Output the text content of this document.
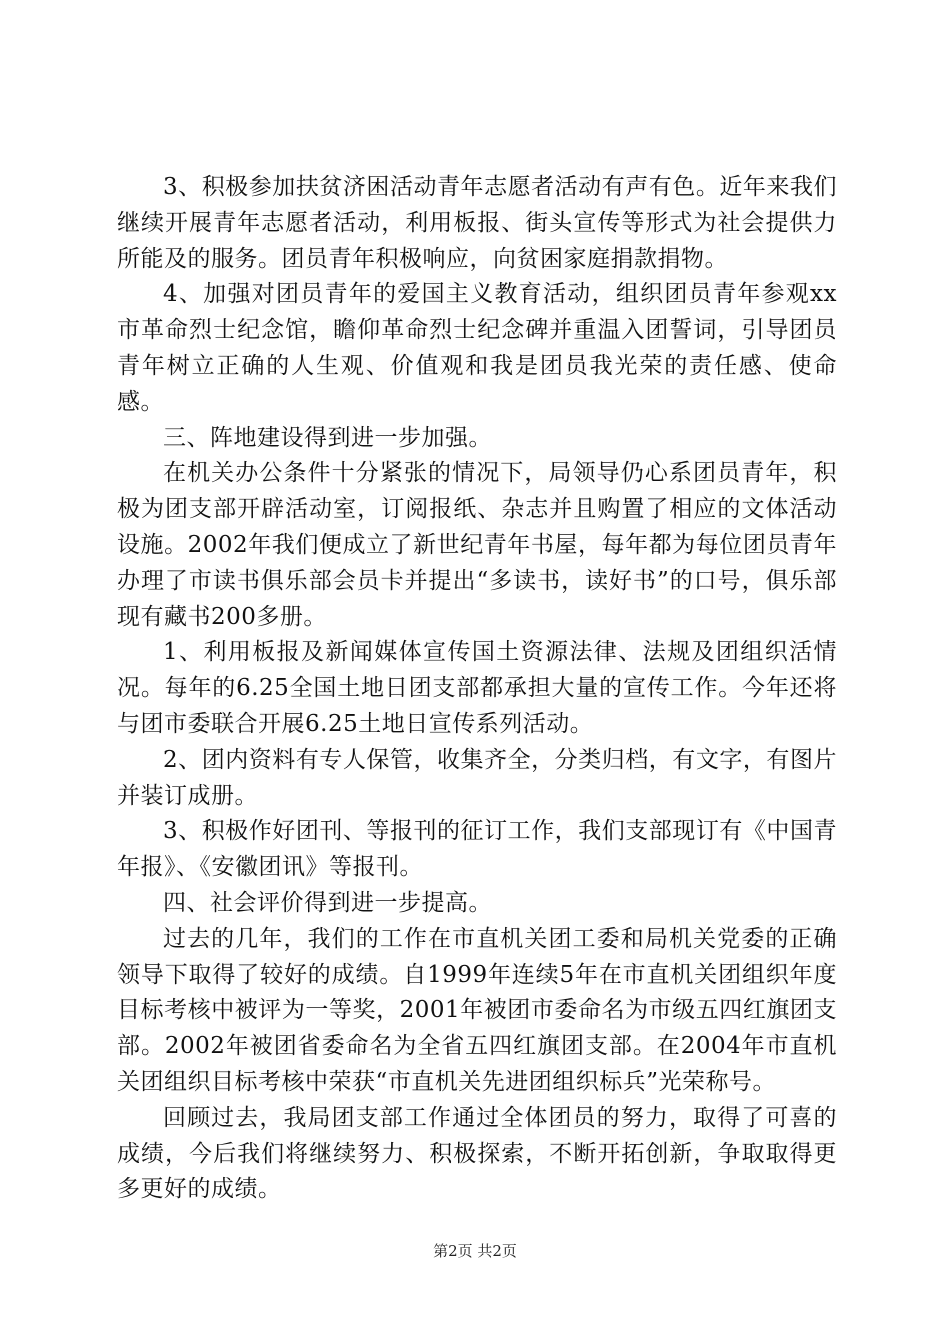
3、积极参加扶贫济困活动青年志愿者活动有声有色。近年来我们继续开展青年志愿者活动，利用板报、街头宣传等形式为社会提供力所能及的服务。团员青年积极响应，向贫困家庭捐款捐物。

4、加强对团员青年的爱国主义教育活动，组织团员青年参观xx市革命烈士纪念馆，瞻仰革命烈士纪念碑并重温入团誓词，引导团员青年树立正确的人生观、价值观和我是团员我光荣的责任感、使命感。

三、阵地建设得到进一步加强。

在机关办公条件十分紧张的情况下，局领导仍心系团员青年，积极为团支部开辟活动室，订阅报纸、杂志并且购置了相应的文体活动设施。2002年我们便成立了新世纪青年书屋，每年都为每位团员青年办理了市读书俱乐部会员卡并提出“多读书，读好书”的口号，俱乐部现有藏书200多册。

1、利用板报及新闻媒体宣传国土资源法律、法规及团组织活情况。每年的6.25全国土地日团支部都承担大量的宣传工作。今年还将与团市委联合开展6.25土地日宣传系列活动。

2、团内资料有专人保管，收集齐全，分类归档，有文字，有图片并装订成册。

3、积极作好团刊、等报刊的征订工作，我们支部现订有《中国青年报》、《安徽团讯》等报刊。

四、社会评价得到进一步提高。

过去的几年，我们的工作在市直机关团工委和局机关党委的正确领导下取得了较好的成绩。自1999年连续5年在市直机关团组织年度目标考核中被评为一等奖，2001年被团市委命名为市级五四红旗团支部。2002年被团省委命名为全省五四红旗团支部。在2004年市直机关团组织目标考核中荣获“市直机关先进团组织标兵”光荣称号。

回顾过去，我局团支部工作通过全体团员的努力，取得了可喜的成绩，今后我们将继续努力、积极探索，不断开拓创新，争取取得更多更好的成绩。

第2页 共2页
